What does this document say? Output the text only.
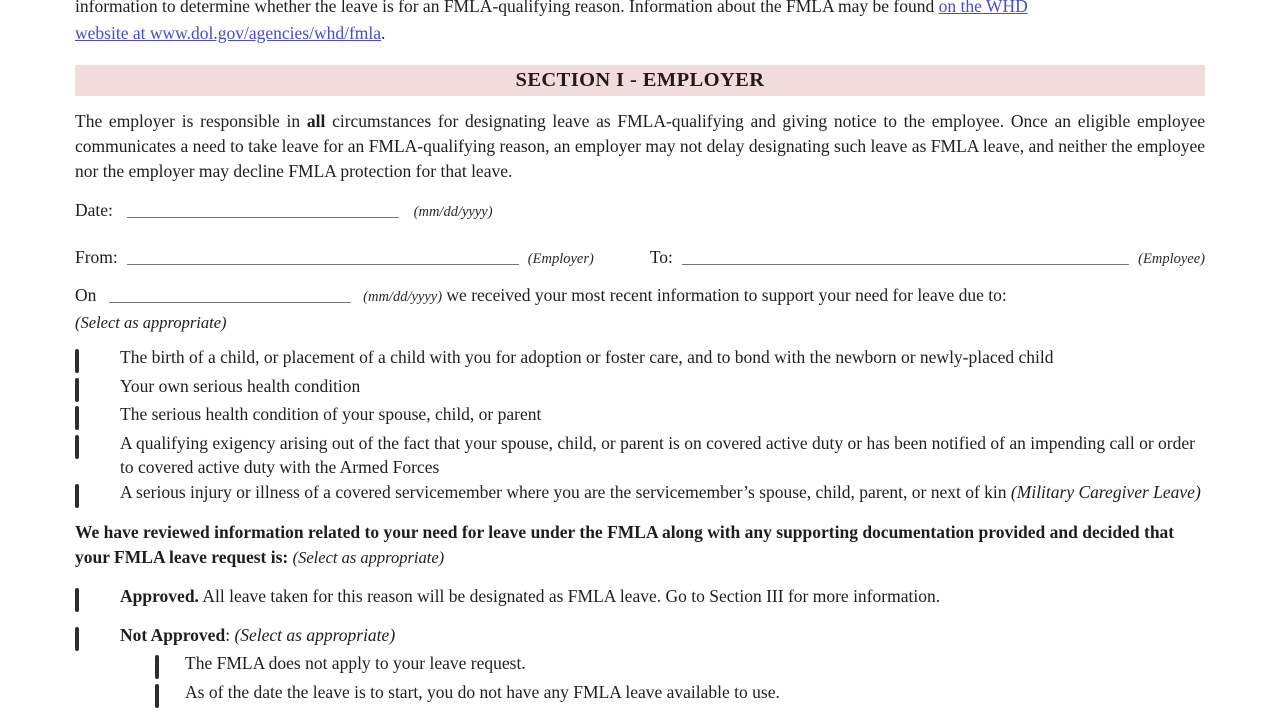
information to determine whether the leave is for an FMLA-qualifying reason. Information about the FMLA may be found on the WHD
website at www.dol.gov/agencies/whd/fmla.
SECTION I - EMPLOYER
The employer is responsible in all circumstances for designating leave as FMLA-qualifying and giving notice to the employee. Once an eligible employee communicates a need to take leave for an FMLA-qualifying reason, an employer may not delay designating such leave as FMLA leave, and neither the employee nor the employer may decline FMLA protection for that leave.
Date:	(mm/dd/yyyy)
From:	(Employer)	To:	(Employee)
On	(mm/dd/yyyy) we received your most recent information to support your need for leave due to:
(Select as appropriate)
The birth of a child, or placement of a child with you for adoption or foster care, and to bond with the newborn or newly-placed child
Your own serious health condition
The serious health condition of your spouse, child, or parent
A qualifying exigency arising out of the fact that your spouse, child, or parent is on covered active duty or has been notified of an impending call or order to covered active duty with the Armed Forces
A serious injury or illness of a covered servicemember where you are the servicemember’s spouse, child, parent, or next of kin (Military Caregiver Leave)
We have reviewed information related to your need for leave under the FMLA along with any supporting documentation provided and decided that your FMLA leave request is: (Select as appropriate)
Approved. All leave taken for this reason will be designated as FMLA leave. Go to Section III for more information.
Not Approved: (Select as appropriate)
The FMLA does not apply to your leave request.
As of the date the leave is to start, you do not have any FMLA leave available to use.
